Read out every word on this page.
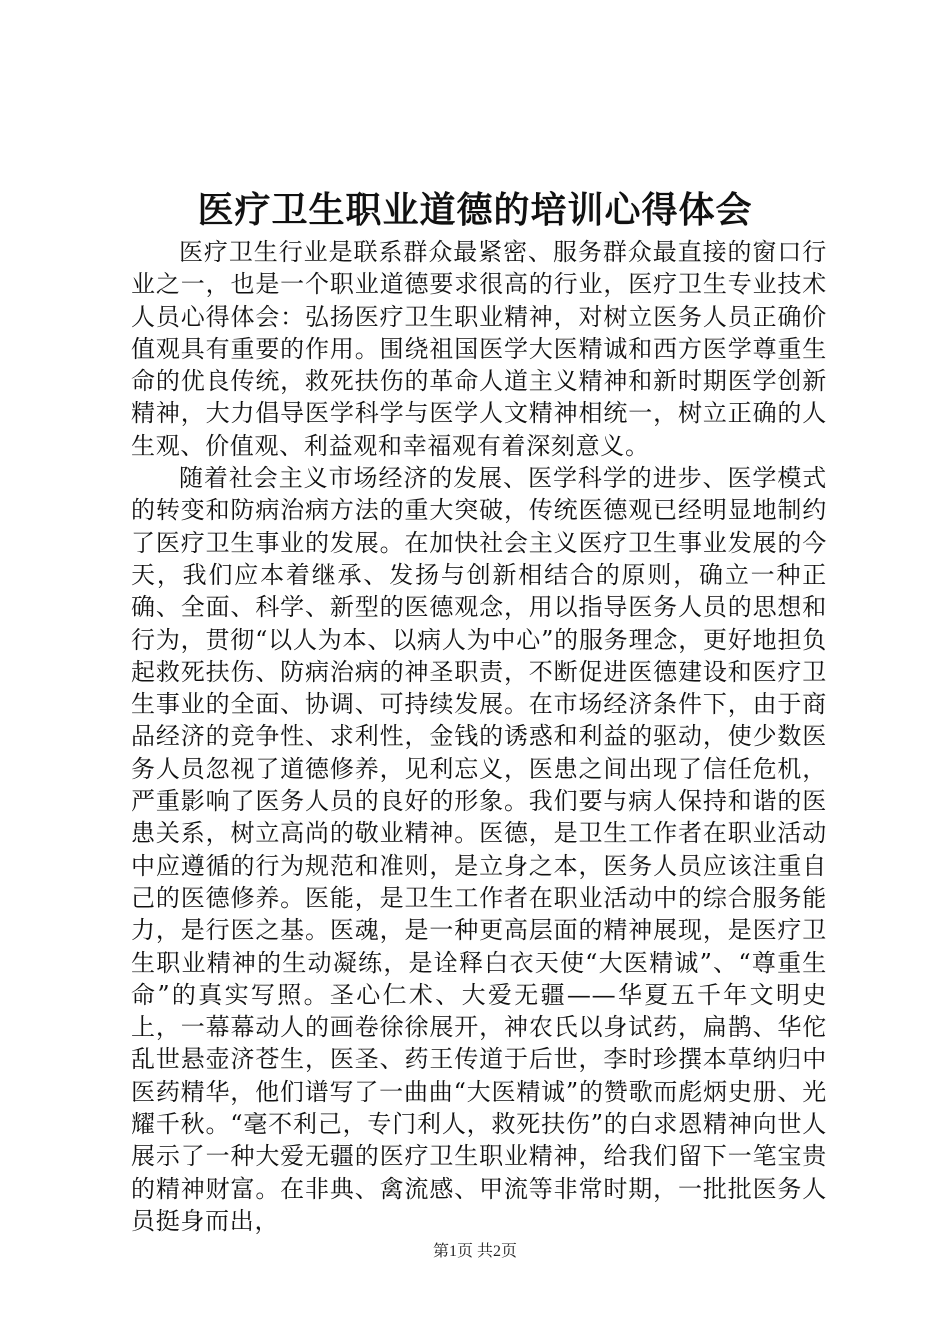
医疗卫生职业道德的培训心得体会

医疗卫生行业是联系群众最紧密、服务群众最直接的窗口行业之一，也是一个职业道德要求很高的行业，医疗卫生专业技术人员心得体会：弘扬医疗卫生职业精神，对树立医务人员正确价值观具有重要的作用。围绕祖国医学大医精诚和西方医学尊重生命的优良传统，救死扶伤的革命人道主义精神和新时期医学创新精神，大力倡导医学科学与医学人文精神相统一，树立正确的人生观、价值观、利益观和幸福观有着深刻意义。

随着社会主义市场经济的发展、医学科学的进步、医学模式的转变和防病治病方法的重大突破，传统医德观已经明显地制约了医疗卫生事业的发展。在加快社会主义医疗卫生事业发展的今天，我们应本着继承、发扬与创新相结合的原则，确立一种正确、全面、科学、新型的医德观念，用以指导医务人员的思想和行为，贯彻“以人为本、以病人为中心”的服务理念，更好地担负起救死扶伤、防病治病的神圣职责，不断促进医德建设和医疗卫生事业的全面、协调、可持续发展。在市场经济条件下，由于商品经济的竞争性、求利性，金钱的诱惑和利益的驱动，使少数医务人员忽视了道德修养，见利忘义，医患之间出现了信任危机，严重影响了医务人员的良好的形象。我们要与病人保持和谐的医患关系，树立高尚的敬业精神。医德，是卫生工作者在职业活动中应遵循的行为规范和准则，是立身之本，医务人员应该注重自己的医德修养。医能，是卫生工作者在职业活动中的综合服务能力，是行医之基。医魂，是一种更高层面的精神展现，是医疗卫生职业精神的生动凝练，是诠释白衣天使“大医精诚”、“尊重生命”的真实写照。圣心仁术、大爱无疆——华夏五千年文明史上，一幕幕动人的画卷徐徐展开，神农氏以身试药，扁鹊、华佗乱世悬壶济苍生，医圣、药王传道于后世，李时珍撰本草纳归中医药精华，他们谱写了一曲曲“大医精诚”的赞歌而彪炳史册、光耀千秋。“毫不利己，专门利人，救死扶伤”的白求恩精神向世人展示了一种大爱无疆的医疗卫生职业精神，给我们留下一笔宝贵的精神财富。在非典、禽流感、甲流等非常时期，一批批医务人员挺身而出，

第1页 共2页
